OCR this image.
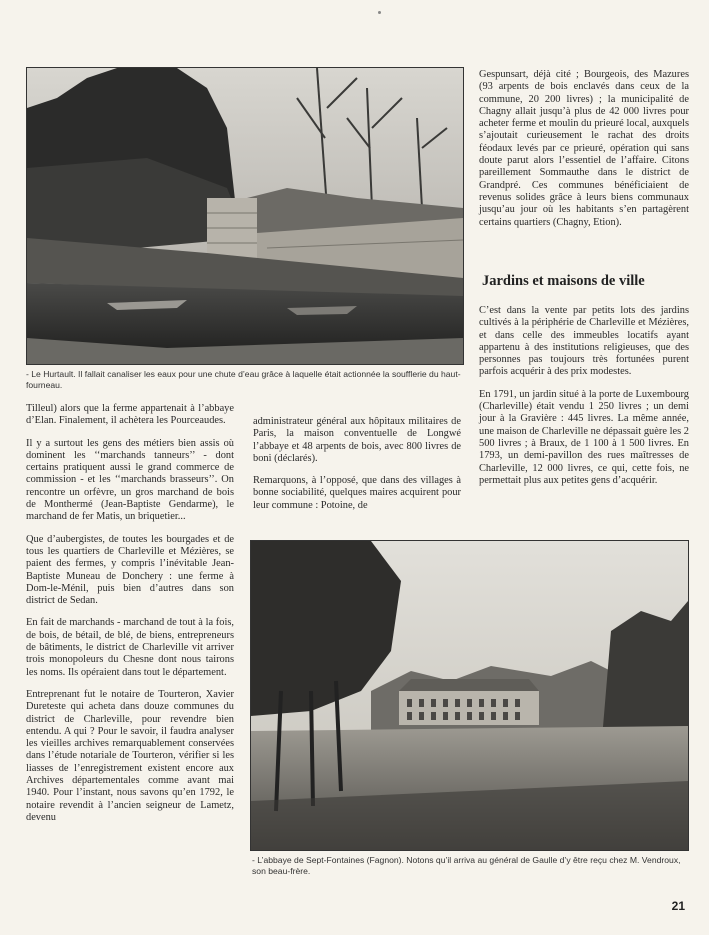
- Le Hurtault. Il fallait canaliser les eaux pour une chute d’eau grâce à laquelle était actionnée la soufflerie du haut-fourneau.

Gespunsart, déjà cité ; Bourgeois, des Mazures (93 arpents de bois enclavés dans ceux de la commune, 20 200 livres) ; la municipalité de Chagny allait jusqu’à plus de 42 000 livres pour acheter ferme et moulin du prieuré local, auxquels s’ajoutait curieusement le rachat des droits féodaux levés par ce prieuré, opération qui sans doute parut alors l’essentiel de l’affaire. Citons pareillement Sommauthe dans le district de Grandpré. Ces communes bénéficiaient de revenus solides grâce à leurs biens communaux jusqu’au jour où les habitants s’en partagèrent certains quartiers (Chagny, Etion).

Jardins et maisons de ville

C’est dans la vente par petits lots des jardins cultivés à la périphérie de Charleville et Mézières, et dans celle des immeubles locatifs ayant appartenu à des institutions religieuses, que des personnes pas toujours très fortunées purent parfois acquérir à des prix modestes.

En 1791, un jardin situé à la porte de Luxembourg (Charleville) était vendu 1 250 livres ; un demi jour à la Gravière : 445 livres. La même année, une maison de Charleville ne dépassait guère les 2 500 livres ; à Braux, de 1 100 à 1 500 livres. En 1793, un demi-pavillon des rues maîtresses de Charleville, 12 000 livres, ce qui, cette fois, ne permettait plus aux petites gens d’acquérir.

Tilleul) alors que la ferme appartenait à l’abbaye d’Elan. Finalement, il achètera les Pourceaudes.

Il y a surtout les gens des métiers bien assis où dominent les ‘‘marchands tanneurs’’ - dont certains pratiquent aussi le grand commerce de commission - et les ‘‘marchands brasseurs’’. On rencontre un orfèvre, un gros marchand de bois de Monthermé (Jean-Baptiste Gendarme), le marchand de fer Matis, un briquetier...

Que d’aubergistes, de toutes les bourgades et de tous les quartiers de Charleville et Mézières, se paient des fermes, y compris l’inévitable Jean-Baptiste Muneau de Donchery : une ferme à Dom-le-Ménil, puis bien d’autres dans son district de Sedan.

En fait de marchands - marchand de tout à la fois, de bois, de bétail, de blé, de biens, entrepreneurs de bâtiments, le district de Charleville vit arriver trois monopoleurs du Chesne dont nous tairons les noms. Ils opéraient dans tout le département.

Entreprenant fut le notaire de Tourteron, Xavier Dureteste qui acheta dans douze communes du district de Charleville, pour revendre bien entendu. A qui ? Pour le savoir, il faudra analyser les vieilles archives remarquablement conservées dans l’étude notariale de Tourteron, vérifier si les liasses de l’enregistrement existent encore aux Archives départementales comme avant mai 1940. Pour l’instant, nous savons qu’en 1792, le notaire revendit à l’ancien seigneur de Lametz, devenu

administrateur général aux hôpitaux militaires de Paris, la maison conventuelle de Longwé l’abbaye et 48 arpents de bois, avec 800 livres de boni (déclarés).

Remarquons, à l’opposé, que dans des villages à bonne sociabilité, quelques maires acquirent pour leur commune : Potoine, de

- L’abbaye de Sept-Fontaines (Fagnon). Notons qu’il arriva au général de Gaulle d’y être reçu chez M. Vendroux, son beau-frère.
21
